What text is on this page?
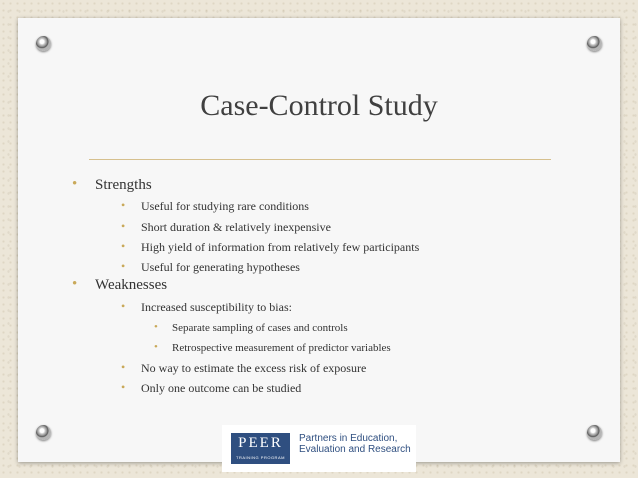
Case-Control Study
• Strengths
• Useful for studying rare conditions
• Short duration & relatively inexpensive
• High yield of information from relatively few participants
• Useful for generating hypotheses
• Weaknesses
• Increased susceptibility to bias:
• Separate sampling of cases and controls
• Retrospective measurement of predictor variables
• No way to estimate the excess risk of exposure
• Only one outcome can be studied
PEER
TRAINING PROGRAM
Partners in Education,
Evaluation and Research
